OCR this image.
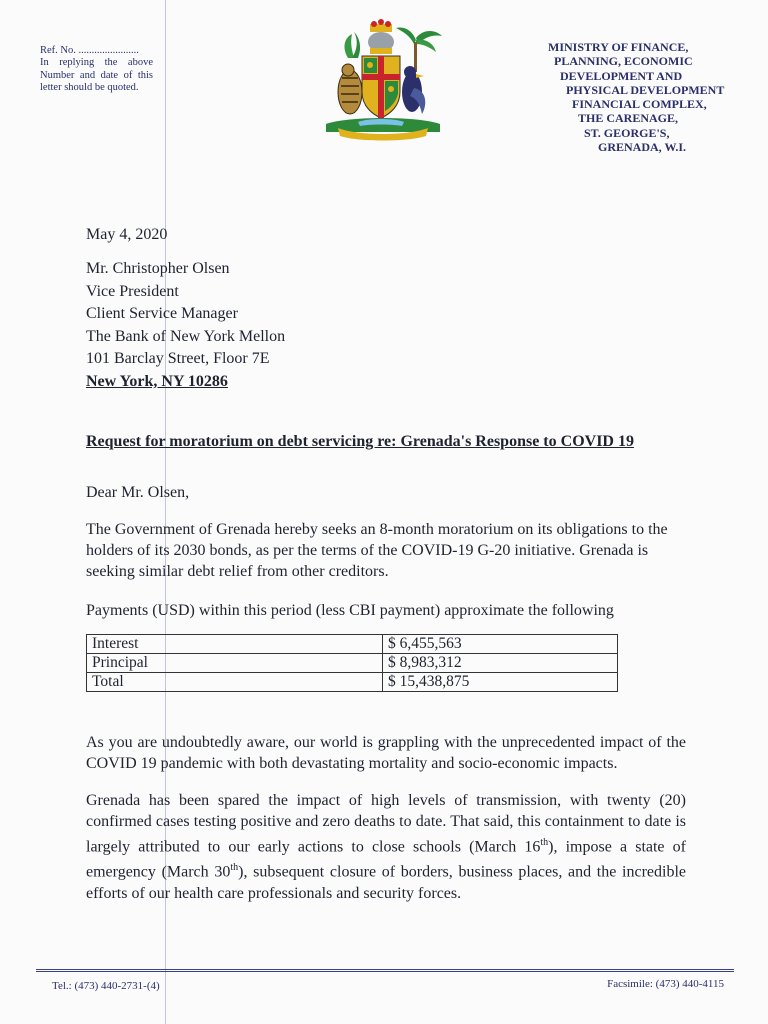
Ref. No. .......................
In replying the above
Number and date of this
letter should be quoted.
MINISTRY OF FINANCE,
PLANNING, ECONOMIC
DEVELOPMENT AND
PHYSICAL DEVELOPMENT
FINANCIAL COMPLEX,
THE CARENAGE,
ST. GEORGE'S,
GRENADA, W.I.
May 4, 2020
Mr. Christopher Olsen
Vice President
Client Service Manager
The Bank of New York Mellon
101 Barclay Street, Floor 7E
New York, NY 10286
Request for moratorium on debt servicing re: Grenada's Response to COVID 19
Dear Mr. Olsen,
The Government of Grenada hereby seeks an 8-month moratorium on its obligations to the holders of its 2030 bonds, as per the terms of the COVID-19 G-20 initiative. Grenada is seeking similar debt relief from other creditors.
Payments (USD) within this period (less CBI payment) approximate the following
Interest	$ 6,455,563
Principal	$ 8,983,312
Total	$ 15,438,875
As you are undoubtedly aware, our world is grappling with the unprecedented impact of the COVID 19 pandemic with both devastating mortality and socio-economic impacts.
Grenada has been spared the impact of high levels of transmission, with twenty (20) confirmed cases testing positive and zero deaths to date. That said, this containment to date is largely attributed to our early actions to close schools (March 16th), impose a state of emergency (March 30th), subsequent closure of borders, business places, and the incredible efforts of our health care professionals and security forces.
Tel.: (473) 440-2731-(4)	Facsimile: (473) 440-4115
